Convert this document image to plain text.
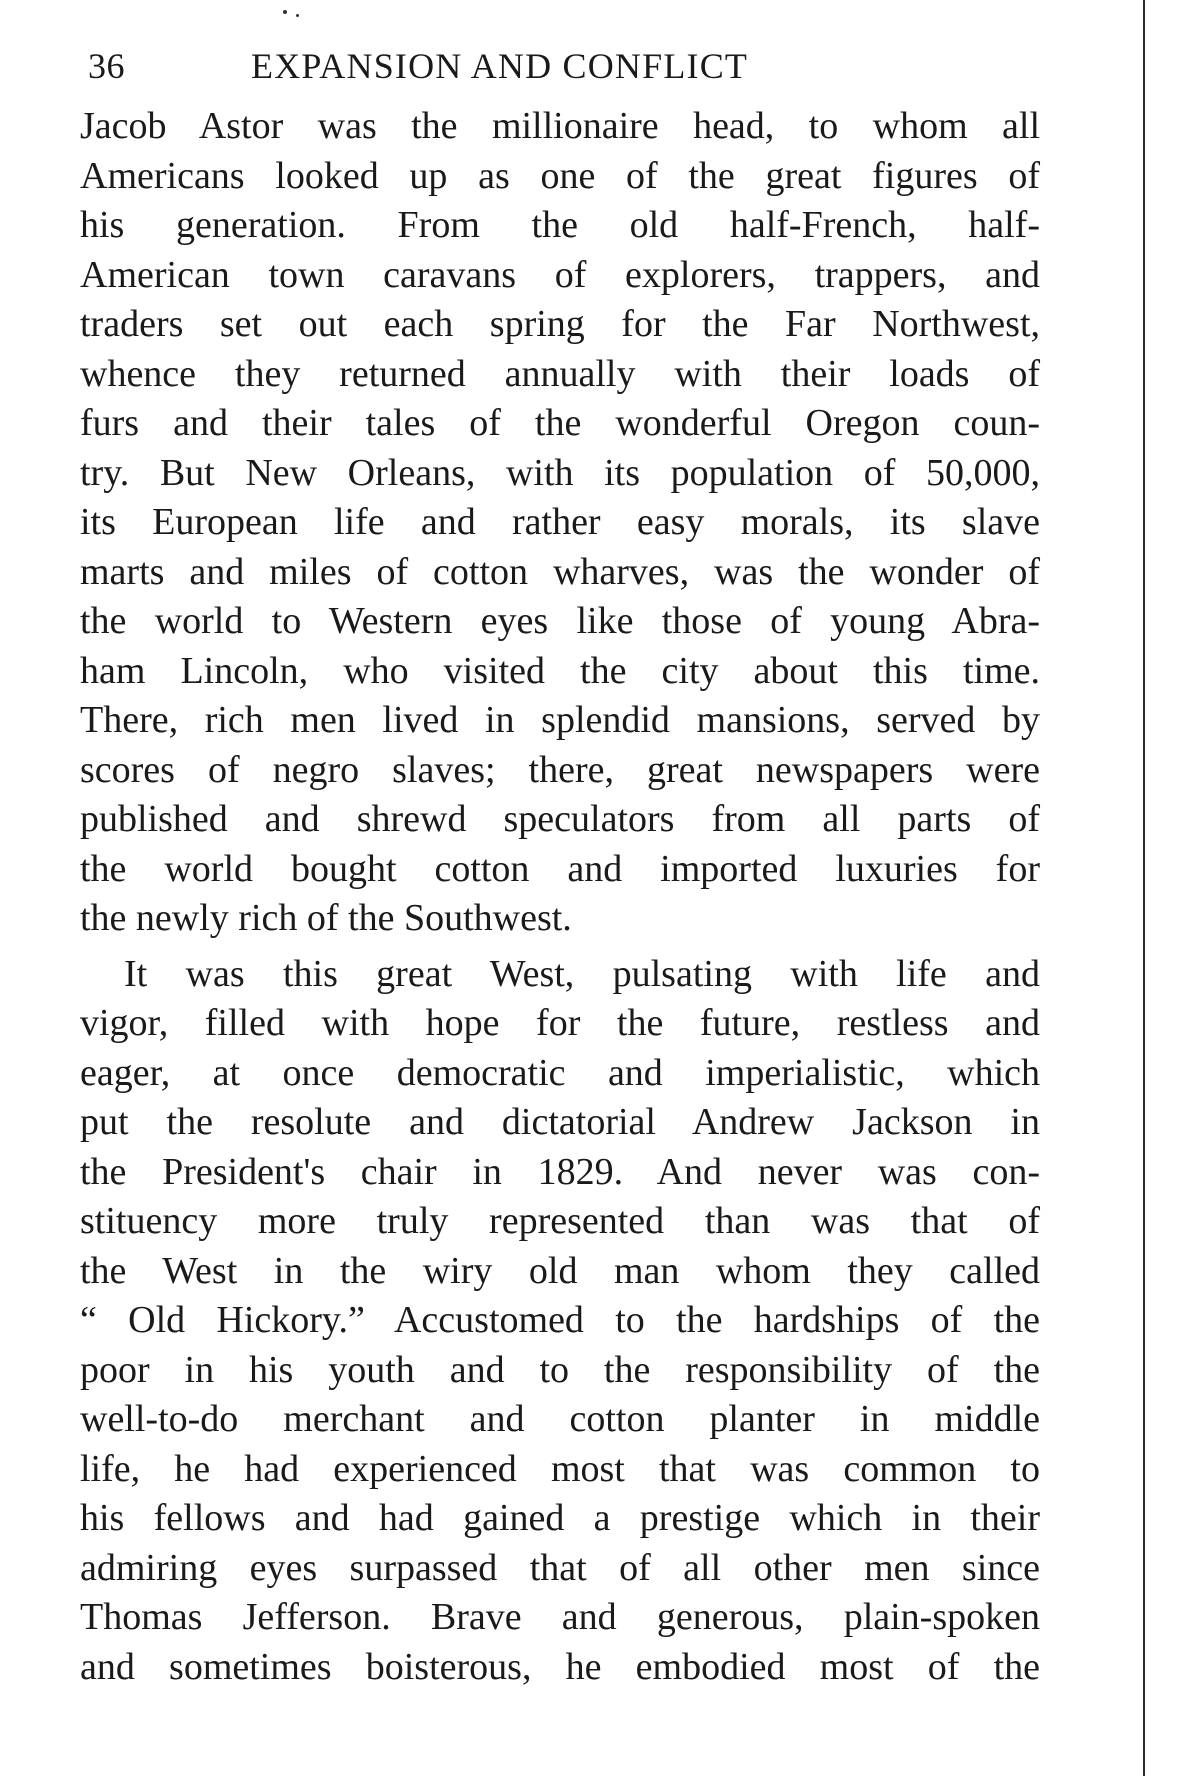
36	EXPANSION AND CONFLICT
Jacob Astor was the millionaire head, to whom all
Americans looked up as one of the great figures of
his generation. From the old half-French, half-
American town caravans of explorers, trappers, and
traders set out each spring for the Far Northwest,
whence they returned annually with their loads of
furs and their tales of the wonderful Oregon coun-
try. But New Orleans, with its population of 50,000,
its European life and rather easy morals, its slave
marts and miles of cotton wharves, was the wonder of
the world to Western eyes like those of young Abra-
ham Lincoln, who visited the city about this time.
There, rich men lived in splendid mansions, served by
scores of negro slaves; there, great newspapers were
published and shrewd speculators from all parts of
the world bought cotton and imported luxuries for
the newly rich of the Southwest.
It was this great West, pulsating with life and
vigor, filled with hope for the future, restless and
eager, at once democratic and imperialistic, which
put the resolute and dictatorial Andrew Jackson in
the President's chair in 1829. And never was con-
stituency more truly represented than was that of
the West in the wiry old man whom they called
“ Old Hickory.” Accustomed to the hardships of the
poor in his youth and to the responsibility of the
well-to-do merchant and cotton planter in middle
life, he had experienced most that was common to
his fellows and had gained a prestige which in their
admiring eyes surpassed that of all other men since
Thomas Jefferson. Brave and generous, plain-spoken
and sometimes boisterous, he embodied most of the
